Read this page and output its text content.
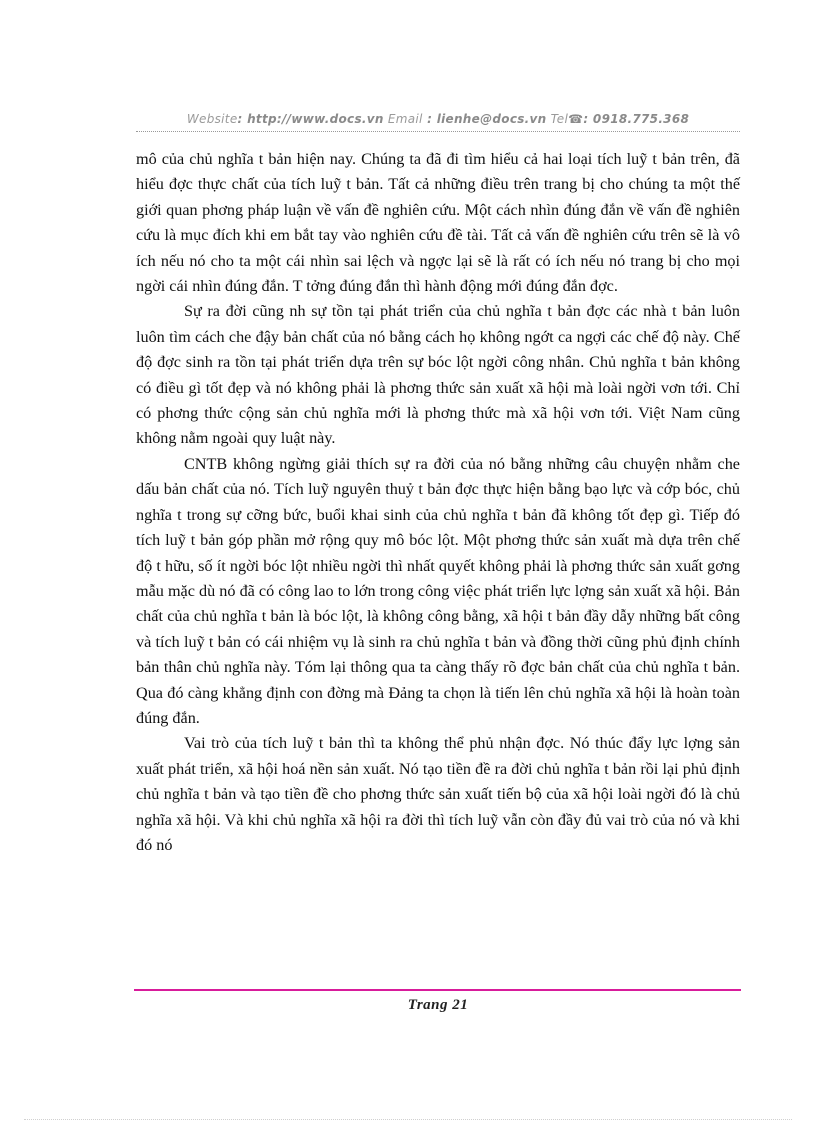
Website: http://www.docs.vn Email : lienhe@docs.vn Tel☎: 0918.775.368

mô của chủ nghĩa t bản hiện nay. Chúng ta đã đi tìm hiểu cả hai loại tích luỹ t bản trên, đã hiểu đợc thực chất của tích luỹ t bản. Tất cả những điều trên trang bị cho chúng ta một thế giới quan phơng pháp luận về vấn đề nghiên cứu. Một cách nhìn đúng đắn về vấn đề nghiên cứu là mục đích khi em bắt tay vào nghiên cứu đề tài. Tất cả vấn đề nghiên cứu trên sẽ là vô ích nếu nó cho ta một cái nhìn sai lệch và ngợc lại sẽ là rất có ích nếu nó trang bị cho mọi ngời cái nhìn đúng đắn. T tởng đúng đắn thì hành động mới đúng đắn đợc.

Sự ra đời cũng nh sự tồn tại phát triển của chủ nghĩa t bản đợc các nhà t bản luôn luôn tìm cách che đậy bản chất của nó bằng cách họ không ngớt ca ngợi các chế độ này. Chế độ đợc sinh ra tồn tại phát triển dựa trên sự bóc lột ngời công nhân. Chủ nghĩa t bản không có điều gì tốt đẹp và nó không phải là phơng thức sản xuất xã hội mà loài ngời vơn tới. Chỉ có phơng thức cộng sản chủ nghĩa mới là phơng thức mà xã hội vơn tới. Việt Nam cũng không nằm ngoài quy luật này.

CNTB không ngừng giải thích sự ra đời của nó bằng những câu chuyện nhằm che dấu bản chất của nó. Tích luỹ nguyên thuỷ t bản đợc thực hiện bằng bạo lực và cớp bóc, chủ nghĩa t trong sự cỡng bức, buổi khai sinh của chủ nghĩa t bản đã không tốt đẹp gì. Tiếp đó tích luỹ t bản góp phần mở rộng quy mô bóc lột. Một phơng thức sản xuất mà dựa trên chế độ t hữu, số ít ngời bóc lột nhiều ngời thì nhất quyết không phải là phơng thức sản xuất gơng mẫu mặc dù nó đã có công lao to lớn trong công việc phát triển lực lợng sản xuất xã hội. Bản chất của chủ nghĩa t bản là bóc lột, là không công bằng, xã hội t bản đầy dẫy những bất công và tích luỹ t bản có cái nhiệm vụ là sinh ra chủ nghĩa t bản và đồng thời cũng phủ định chính bản thân chủ nghĩa này. Tóm lại thông qua ta càng thấy rõ đợc bản chất của chủ nghĩa t bản. Qua đó càng khẳng định con đờng mà Đảng ta chọn là tiến lên chủ nghĩa xã hội là hoàn toàn đúng đắn.

Vai trò của tích luỹ t bản thì ta không thể phủ nhận đợc. Nó thúc đẩy lực lợng sản xuất phát triển, xã hội hoá nền sản xuất. Nó tạo tiền đề ra đời chủ nghĩa t bản rồi lại phủ định chủ nghĩa t bản và tạo tiền đề cho phơng thức sản xuất tiến bộ của xã hội loài ngời đó là chủ nghĩa xã hội. Và khi chủ nghĩa xã hội ra đời thì tích luỹ vẫn còn đầy đủ vai trò của nó và khi đó nó

Trang 21
